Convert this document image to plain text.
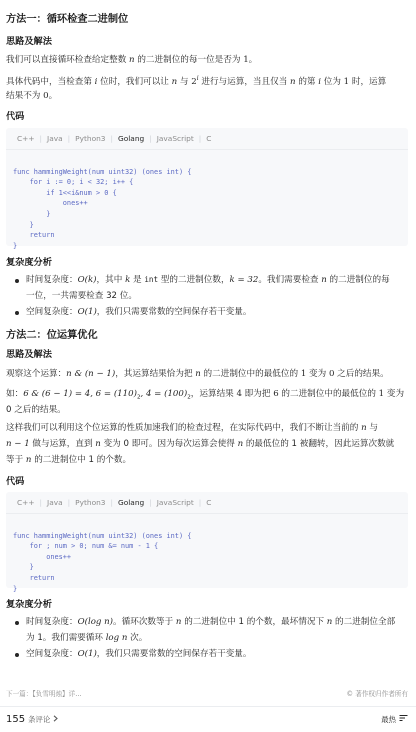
方法一：循环检查二进制位
思路及解法
我们可以直接循环检查给定整数 n 的二进制位的每一位是否为 1。
具体代码中，当检查第 i 位时，我们可以让 n 与 2$^i$ 进行与运算，当且仅当 n 的第 i 位为 1 时，运算
结果不为 0。
代码
C++ | Java | Python3 | Golang | JavaScript | C

func hammingWeight(num uint32) (ones int) {
for i := 0; i < 32; i++ {
if 1<<i&num > 0 {
ones++
}
}
return
}

复杂度分析
时间复杂度：O(k)，其中 k 是 int 型的二进制位数，k = 32。我们需要检查 n 的二进制位的每
一位，一共需要检查 32 位。
空间复杂度：O(1)，我们只需要常数的空间保存若干变量。
方法二：位运算优化
思路及解法
观察这个运算：n & (n − 1)，其运算结果恰为把 n 的二进制位中的最低位的 1 变为 0 之后的结果。
如：6 & (6 − 1) = 4, $6 = (110)_2$, $4 = (100)_2$，运算结果 4 即为把 6 的二进制位中的最低位的 1 变为
0 之后的结果。
这样我们可以利用这个位运算的性质加速我们的检查过程，在实际代码中，我们不断让当前的 n 与
n − 1 做与运算，直到 n 变为 0 即可。因为每次运算会使得 n 的最低位的 1 被翻转，因此运算次数就
等于 n 的二进制位中 1 的个数。
代码
C++ | Java | Python3 | Golang | JavaScript | C

func hammingWeight(num uint32) (ones int) {
for ; num > 0; num &= num - 1 {
ones++
}
return
}

复杂度分析
时间复杂度：O(log n)。循环次数等于 n 的二进制位中 1 的个数，最坏情况下 n 的二进制位全部
为 1。我们需要循环 log n 次。
空间复杂度：O(1)，我们只需要常数的空间保存若干变量。
下一篇：【负雪明烛】详...	© 著作权归作者所有
155 条评论	最热
